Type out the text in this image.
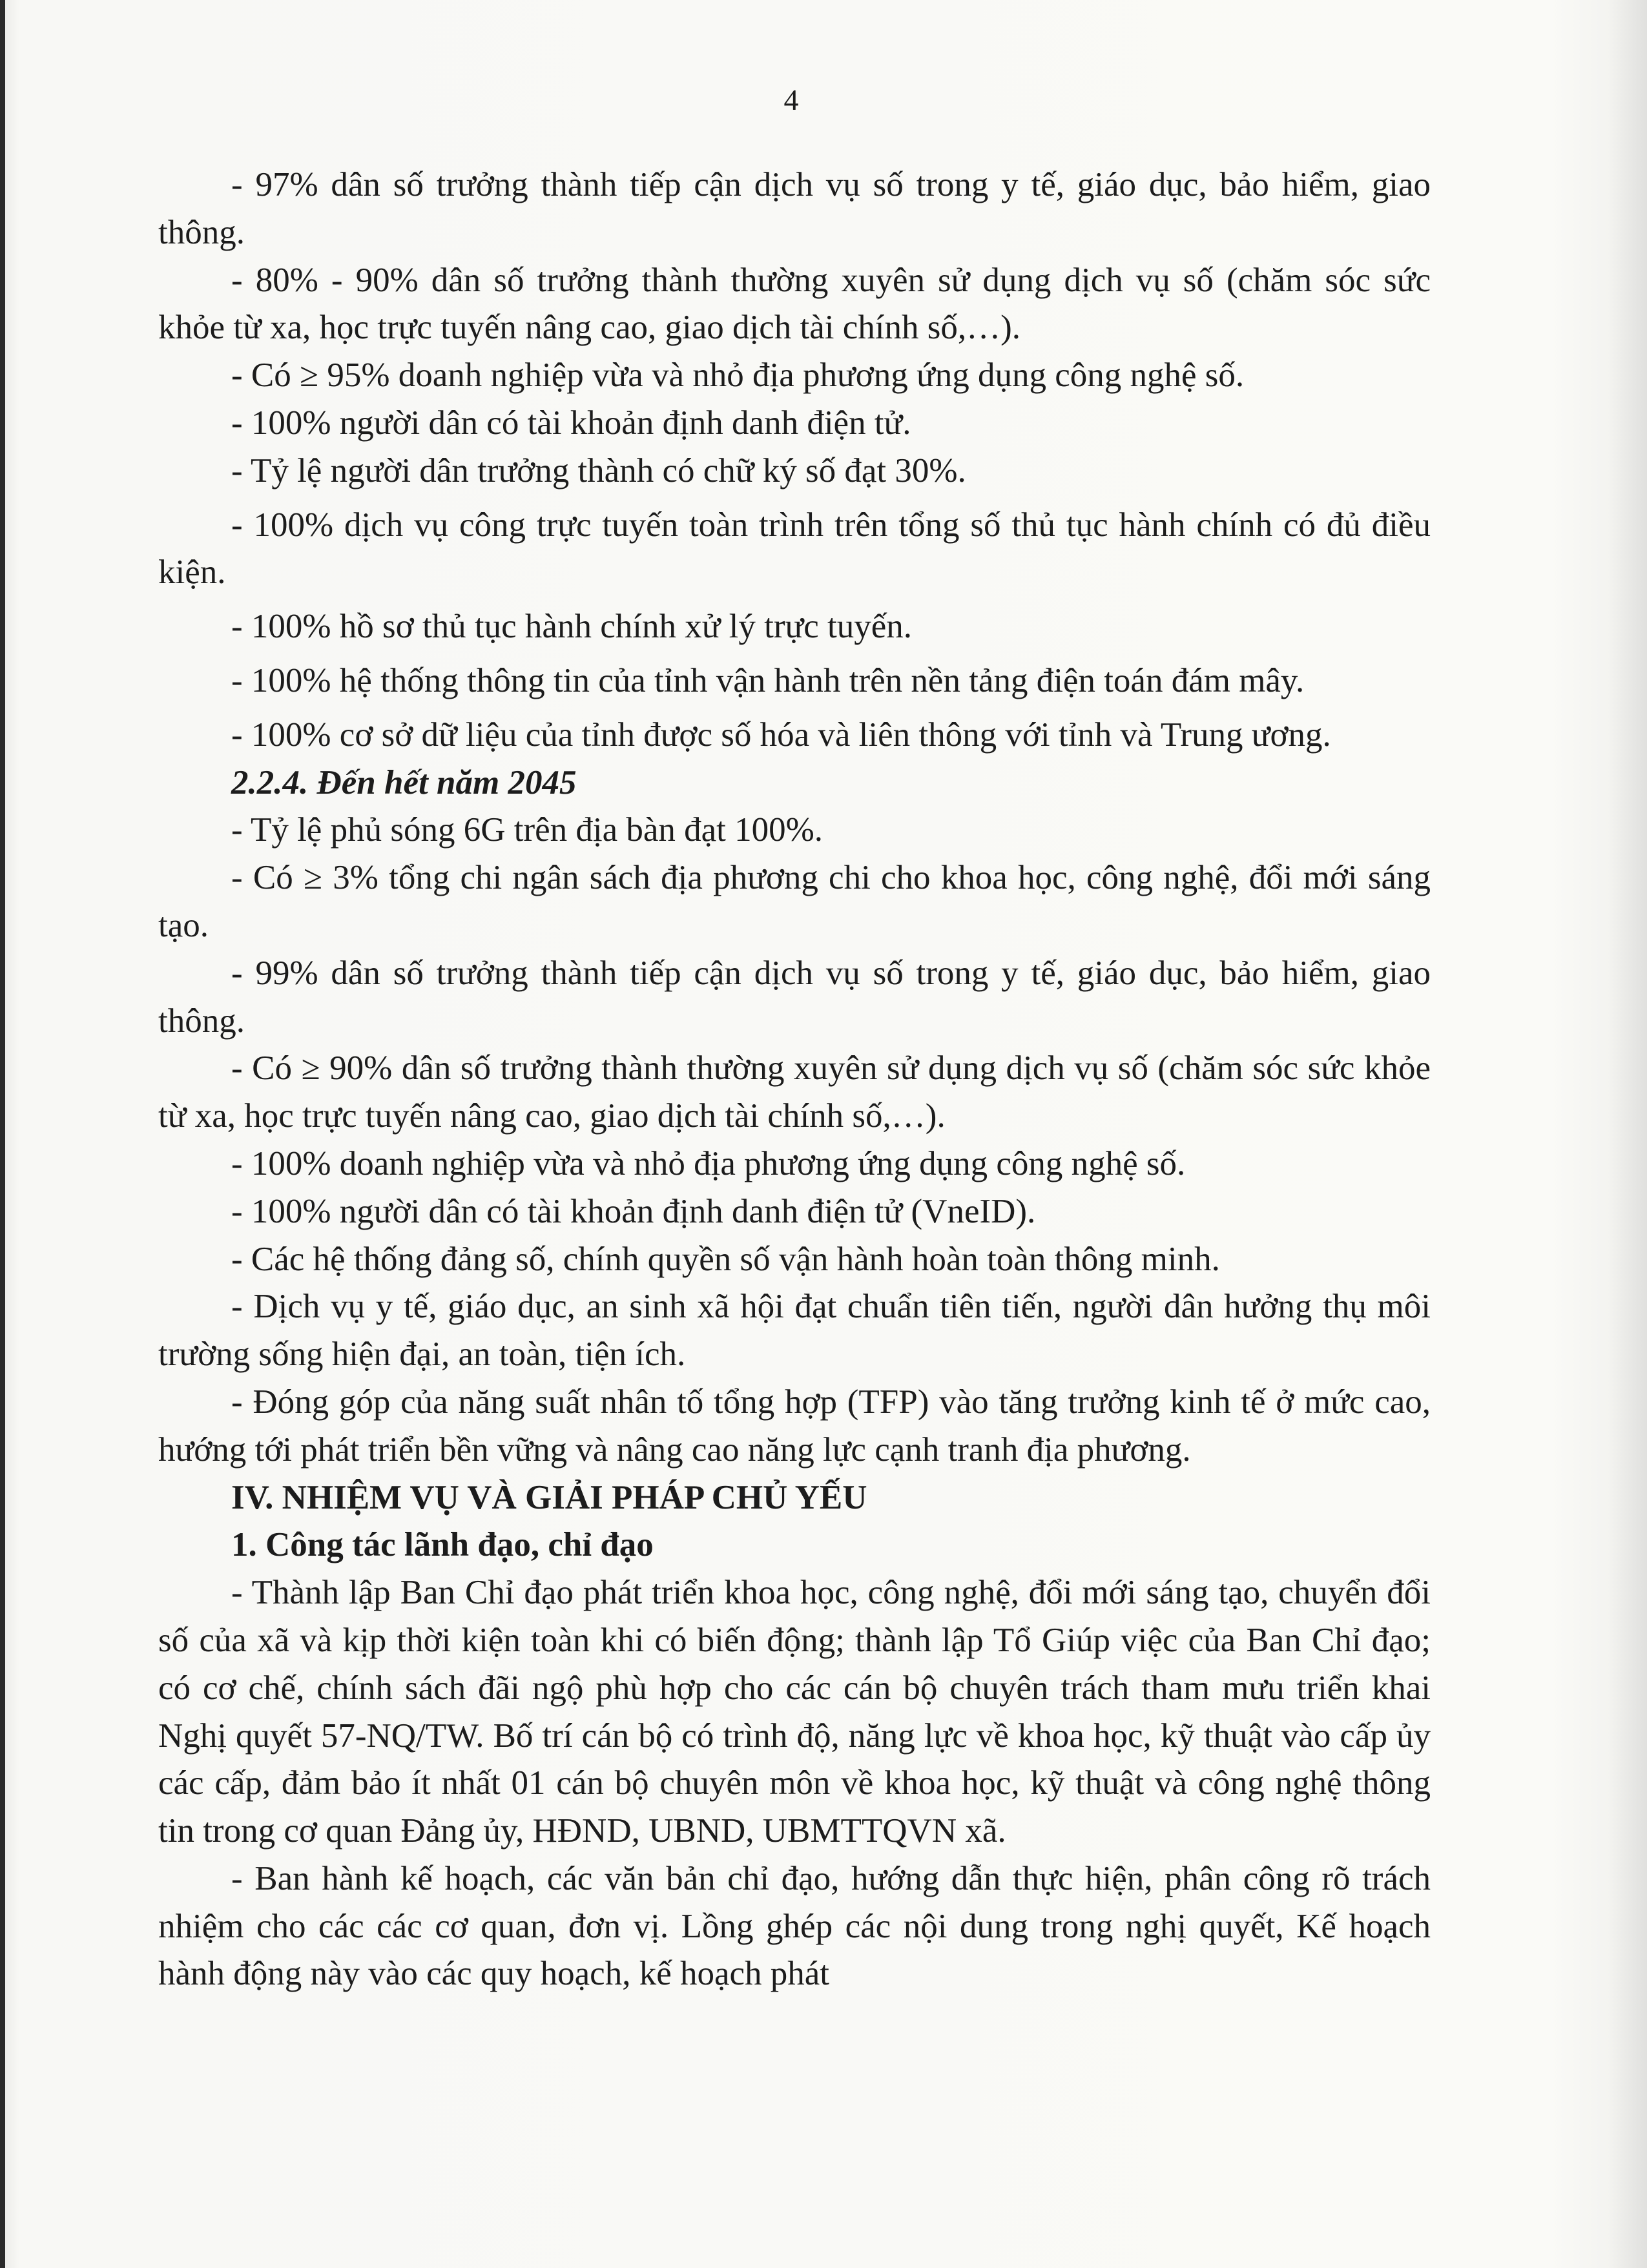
4

- 97% dân số trưởng thành tiếp cận dịch vụ số trong y tế, giáo dục, bảo hiểm, giao thông.

- 80% - 90% dân số trưởng thành thường xuyên sử dụng dịch vụ số (chăm sóc sức khỏe từ xa, học trực tuyến nâng cao, giao dịch tài chính số,…).

- Có ≥ 95% doanh nghiệp vừa và nhỏ địa phương ứng dụng công nghệ số.

- 100% người dân có tài khoản định danh điện tử.

- Tỷ lệ người dân trưởng thành có chữ ký số đạt 30%.

- 100% dịch vụ công trực tuyến toàn trình trên tổng số thủ tục hành chính có đủ điều kiện.

- 100% hồ sơ thủ tục hành chính xử lý trực tuyến.

- 100% hệ thống thông tin của tỉnh vận hành trên nền tảng điện toán đám mây.

- 100% cơ sở dữ liệu của tỉnh được số hóa và liên thông với tỉnh và Trung ương.

2.2.4. Đến hết năm 2045

- Tỷ lệ phủ sóng 6G trên địa bàn đạt 100%.

- Có ≥ 3% tổng chi ngân sách địa phương chi cho khoa học, công nghệ, đổi mới sáng tạo.

- 99% dân số trưởng thành tiếp cận dịch vụ số trong y tế, giáo dục, bảo hiểm, giao thông.

- Có ≥ 90% dân số trưởng thành thường xuyên sử dụng dịch vụ số (chăm sóc sức khỏe từ xa, học trực tuyến nâng cao, giao dịch tài chính số,…).

- 100% doanh nghiệp vừa và nhỏ địa phương ứng dụng công nghệ số.

- 100% người dân có tài khoản định danh điện tử (VneID).

- Các hệ thống đảng số, chính quyền số vận hành hoàn toàn thông minh.

- Dịch vụ y tế, giáo dục, an sinh xã hội đạt chuẩn tiên tiến, người dân hưởng thụ môi trường sống hiện đại, an toàn, tiện ích.

- Đóng góp của năng suất nhân tố tổng hợp (TFP) vào tăng trưởng kinh tế ở mức cao, hướng tới phát triển bền vững và nâng cao năng lực cạnh tranh địa phương.

IV. NHIỆM VỤ VÀ GIẢI PHÁP CHỦ YẾU

1. Công tác lãnh đạo, chỉ đạo

- Thành lập Ban Chỉ đạo phát triển khoa học, công nghệ, đổi mới sáng tạo, chuyển đổi số của xã và kịp thời kiện toàn khi có biến động; thành lập Tổ Giúp việc của Ban Chỉ đạo; có cơ chế, chính sách đãi ngộ phù hợp cho các cán bộ chuyên trách tham mưu triển khai Nghị quyết 57-NQ/TW. Bố trí cán bộ có trình độ, năng lực về khoa học, kỹ thuật vào cấp ủy các cấp, đảm bảo ít nhất 01 cán bộ chuyên môn về khoa học, kỹ thuật và công nghệ thông tin trong cơ quan Đảng ủy, HĐND, UBND, UBMTTQVN xã.

- Ban hành kế hoạch, các văn bản chỉ đạo, hướng dẫn thực hiện, phân công rõ trách nhiệm cho các các cơ quan, đơn vị. Lồng ghép các nội dung trong nghị quyết, Kế hoạch hành động này vào các quy hoạch, kế hoạch phát
